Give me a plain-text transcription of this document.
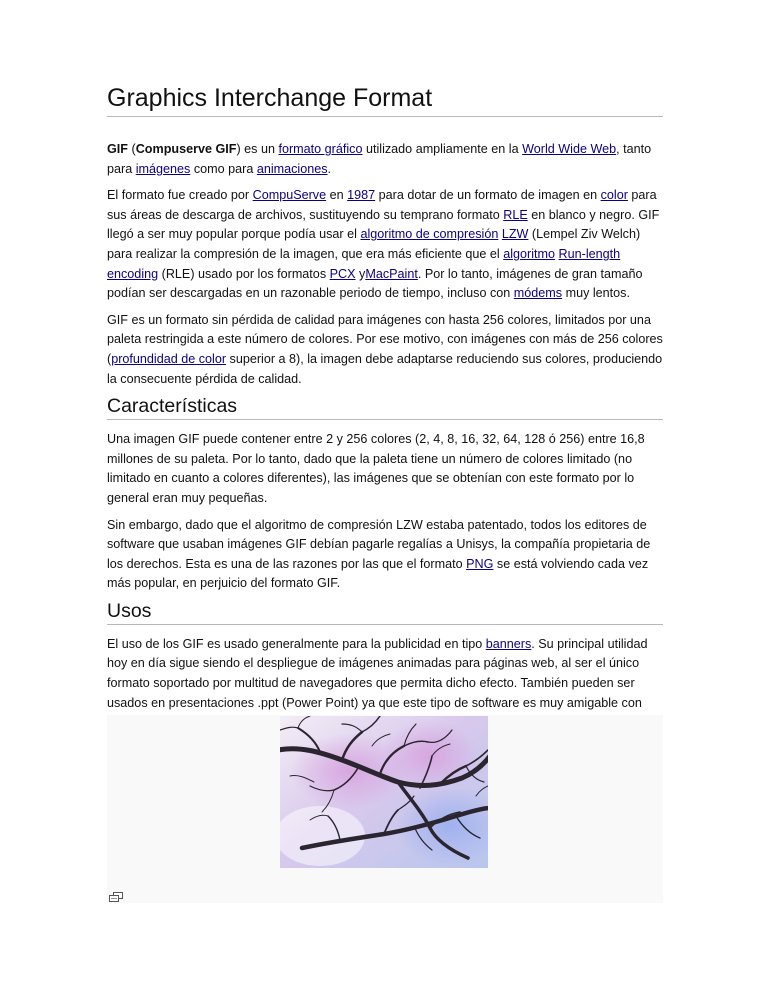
Graphics Interchange Format

GIF (Compuserve GIF) es un formato gráfico utilizado ampliamente en la World Wide Web, tanto para imágenes como para animaciones.

El formato fue creado por CompuServe en 1987 para dotar de un formato de imagen en color para sus áreas de descarga de archivos, sustituyendo su temprano formato RLE en blanco y negro. GIF llegó a ser muy popular porque podía usar el algoritmo de compresión LZW (Lempel Ziv Welch) para realizar la compresión de la imagen, que era más eficiente que el algoritmo Run-length encoding (RLE) usado por los formatos PCX yMacPaint. Por lo tanto, imágenes de gran tamaño podían ser descargadas en un razonable periodo de tiempo, incluso con módems muy lentos.

GIF es un formato sin pérdida de calidad para imágenes con hasta 256 colores, limitados por una paleta restringida a este número de colores. Por ese motivo, con imágenes con más de 256 colores (profundidad de color superior a 8), la imagen debe adaptarse reduciendo sus colores, produciendo la consecuente pérdida de calidad.

Características

Una imagen GIF puede contener entre 2 y 256 colores (2, 4, 8, 16, 32, 64, 128 ó 256) entre 16,8 millones de su paleta. Por lo tanto, dado que la paleta tiene un número de colores limitado (no limitado en cuanto a colores diferentes), las imágenes que se obtenían con este formato por lo general eran muy pequeñas.

Sin embargo, dado que el algoritmo de compresión LZW estaba patentado, todos los editores de software que usaban imágenes GIF debían pagarle regalías a Unisys, la compañía propietaria de los derechos. Esta es una de las razones por las que el formato PNG se está volviendo cada vez más popular, en perjuicio del formato GIF.

Usos

El uso de los GIF es usado generalmente para la publicidad en tipo banners. Su principal utilidad hoy en día sigue siendo el despliegue de imágenes animadas para páginas web, al ser el único formato soportado por multitud de navegadores que permita dicho efecto. También pueden ser usados en presentaciones .ppt (Power Point) ya que este tipo de software es muy amigable con
